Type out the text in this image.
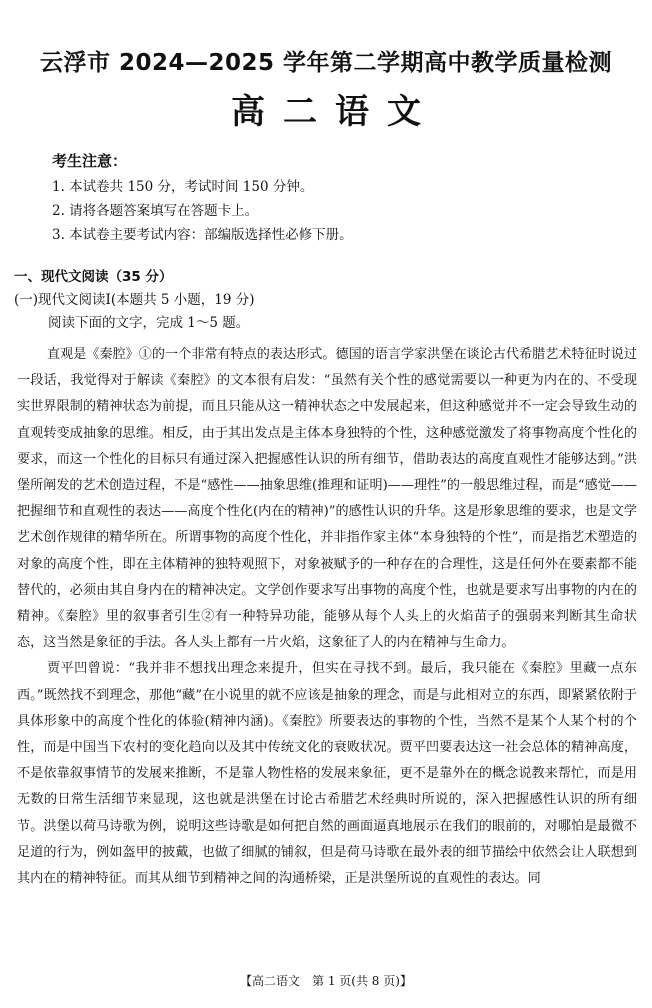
云浮市 2024—2025 学年第二学期高中教学质量检测
高二语文
考生注意：
1. 本试卷共 150 分，考试时间 150 分钟。
2. 请将各题答案填写在答题卡上。
3. 本试卷主要考试内容：部编版选择性必修下册。
一、现代文阅读（35 分）
(一)现代文阅读Ⅰ(本题共 5 小题，19 分)
阅读下面的文字，完成 1～5 题。

直观是《秦腔》①的一个非常有特点的表达形式。德国的语言学家洪堡在谈论古代希腊艺术特征时说过一段话，我觉得对于解读《秦腔》的文本很有启发：“虽然有关个性的感觉需要以一种更为内在的、不受现实世界限制的精神状态为前提，而且只能从这一精神状态之中发展起来，但这种感觉并不一定会导致生动的直观转变成抽象的思维。相反，由于其出发点是主体本身独特的个性，这种感觉激发了将事物高度个性化的要求，而这一个性化的目标只有通过深入把握感性认识的所有细节，借助表达的高度直观性才能够达到。”洪堡所阐发的艺术创造过程，不是“感性——抽象思维(推理和证明)——理性”的一般思维过程，而是“感觉——把握细节和直观性的表达——高度个性化(内在的精神)”的感性认识的升华。这是形象思维的要求，也是文学艺术创作规律的精华所在。所谓事物的高度个性化，并非指作家主体“本身独特的个性”，而是指艺术塑造的对象的高度个性，即在主体精神的独特观照下，对象被赋予的一种存在的合理性，这是任何外在要素都不能替代的，必须由其自身内在的精神决定。文学创作要求写出事物的高度个性，也就是要求写出事物的内在的精神。《秦腔》里的叙事者引生②有一种特异功能，能够从每个人头上的火焰苗子的强弱来判断其生命状态，这当然是象征的手法。各人头上都有一片火焰，这象征了人的内在精神与生命力。

贾平凹曾说：“我并非不想找出理念来提升，但实在寻找不到。最后，我只能在《秦腔》里藏一点东西。”既然找不到理念，那他“藏”在小说里的就不应该是抽象的理念，而是与此相对立的东西，即紧紧依附于具体形象中的高度个性化的体验(精神内涵)。《秦腔》所要表达的事物的个性，当然不是某个人某个村的个性，而是中国当下农村的变化趋向以及其中传统文化的衰败状况。贾平凹要表达这一社会总体的精神高度，不是依靠叙事情节的发展来推断，不是靠人物性格的发展来象征，更不是靠外在的概念说教来帮忙，而是用无数的日常生活细节来显现，这也就是洪堡在讨论古希腊艺术经典时所说的，深入把握感性认识的所有细节。洪堡以荷马诗歌为例，说明这些诗歌是如何把自然的画面逼真地展示在我们的眼前的，对哪怕是最微不足道的行为，例如盔甲的披戴，也做了细腻的铺叙，但是荷马诗歌在最外表的细节描绘中依然会让人联想到其内在的精神特征。而其从细节到精神之间的沟通桥梁，正是洪堡所说的直观性的表达。同

【高二语文　第 1 页(共 8 页)】
